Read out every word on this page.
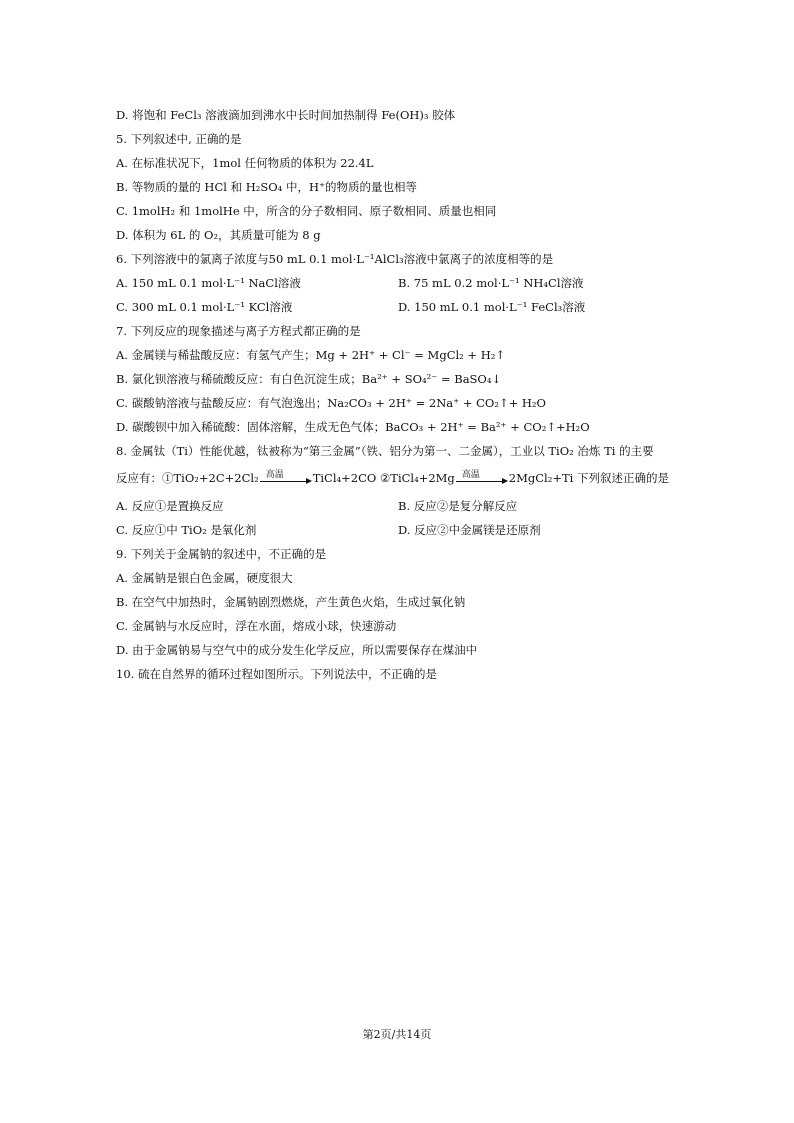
D. 将饱和 FeCl₃ 溶液滴加到沸水中长时间加热制得 Fe(OH)₃ 胶体
5. 下列叙述中, 正确的是
A. 在标准状况下，1mol 任何物质的体积为 22.4L
B. 等物质的量的 HCl 和 H₂SO₄ 中，H⁺的物质的量也相等
C. 1molH₂ 和 1molHe 中，所含的分子数相同、原子数相同、质量也相同
D. 体积为 6L 的 O₂，其质量可能为 8 g
6. 下列溶液中的氯离子浓度与50 mL 0.1 mol·L⁻¹AlCl₃溶液中氯离子的浓度相等的是
A. 150 mL 0.1 mol·L⁻¹ NaCl溶液	B. 75 mL 0.2 mol·L⁻¹ NH₄Cl溶液
C. 300 mL 0.1 mol·L⁻¹ KCl溶液	D. 150 mL 0.1 mol·L⁻¹ FeCl₃溶液
7. 下列反应的现象描述与离子方程式都正确的是
A. 金属镁与稀盐酸反应：有氢气产生；Mg + 2H⁺ + Cl⁻ = MgCl₂ + H₂↑
B. 氯化钡溶液与稀硫酸反应：有白色沉淀生成；Ba²⁺ + SO₄²⁻ = BaSO₄↓
C. 碳酸钠溶液与盐酸反应：有气泡逸出；Na₂CO₃ + 2H⁺ = 2Na⁺ + CO₂↑+ H₂O
D. 碳酸钡中加入稀硫酸：固体溶解，生成无色气体；BaCO₃ + 2H⁺ = Ba²⁺ + CO₂↑+H₂O
8. 金属钛（Ti）性能优越，钛被称为“第三金属”（铁、铝分为第一、二金属），工业以 TiO₂ 冶炼 Ti 的主要
反应有：①TiO₂+2C+2Cl₂ 高温	TiCl₄+2CO ②TiCl₄+2Mg 高温	2MgCl₂+Ti 下列叙述正确的是
A. 反应①是置换反应	B. 反应②是复分解反应
C. 反应①中 TiO₂ 是氧化剂	D. 反应②中金属镁是还原剂
9. 下列关于金属钠的叙述中，不正确的是
A. 金属钠是银白色金属，硬度很大
B. 在空气中加热时，金属钠剧烈燃烧，产生黄色火焰，生成过氧化钠
C. 金属钠与水反应时，浮在水面，熔成小球，快速游动
D. 由于金属钠易与空气中的成分发生化学反应，所以需要保存在煤油中
10. 硫在自然界的循环过程如图所示。下列说法中，不正确的是
第2页/共14页
